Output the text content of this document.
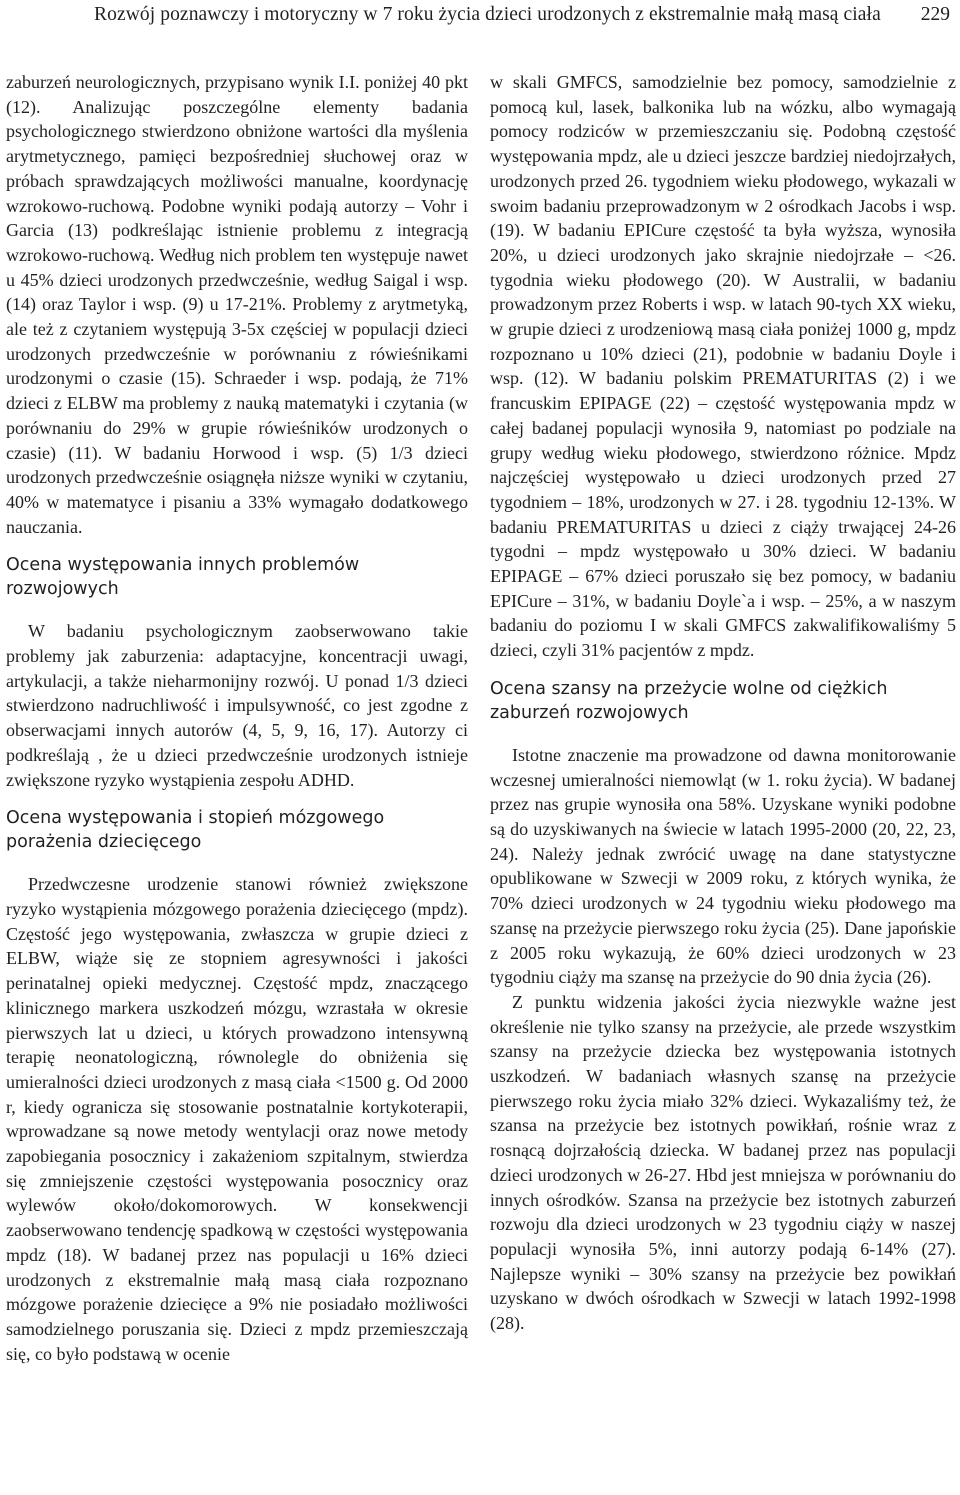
Rozwój poznawczy i motoryczny w 7 roku życia dzieci urodzonych z ekstremalnie małą masą ciała 229

zaburzeń neurologicznych, przypisano wynik I.I. poniżej 40 pkt (12). Analizując poszczególne elementy badania psychologicznego stwierdzono obniżone wartości dla myślenia arytmetycznego, pamięci bezpośredniej słuchowej oraz w próbach sprawdzających możliwości manualne, koordynację wzrokowo-ruchową. Podobne wyniki podają autorzy – Vohr i Garcia (13) podkreślając istnienie problemu z integracją wzrokowo-ruchową. Według nich problem ten występuje nawet u 45% dzieci urodzonych przedwcześnie, według Saigal i wsp. (14) oraz Taylor i wsp. (9) u 17-21%. Problemy z arytmetyką, ale też z czytaniem występują 3-5x częściej w populacji dzieci urodzonych przedwcześnie w porównaniu z rówieśnikami urodzonymi o czasie (15). Schraeder i wsp. podają, że 71% dzieci z ELBW ma problemy z nauką matematyki i czytania (w porównaniu do 29% w grupie rówieśników urodzonych o czasie) (11). W badaniu Horwood i wsp. (5) 1/3 dzieci urodzonych przedwcześnie osiągnęła niższe wyniki w czytaniu, 40% w matematyce i pisaniu a 33% wymagało dodatkowego nauczania.

Ocena występowania innych problemów rozwojowych

W badaniu psychologicznym zaobserwowano takie problemy jak zaburzenia: adaptacyjne, koncentracji uwagi, artykulacji, a także nieharmonijny rozwój. U ponad 1/3 dzieci stwierdzono nadruchliwość i impulsywność, co jest zgodne z obserwacjami innych autorów (4, 5, 9, 16, 17). Autorzy ci podkreślają , że u dzieci przedwcześnie urodzonych istnieje zwiększone ryzyko wystąpienia zespołu ADHD.

Ocena występowania i stopień mózgowego porażenia dziecięcego

Przedwczesne urodzenie stanowi również zwiększone ryzyko wystąpienia mózgowego porażenia dziecięcego (mpdz). Częstość jego występowania, zwłaszcza w grupie dzieci z ELBW, wiąże się ze stopniem agresywności i jakości perinatalnej opieki medycznej. Częstość mpdz, znaczącego klinicznego markera uszkodzeń mózgu, wzrastała w okresie pierwszych lat u dzieci, u których prowadzono intensywną terapię neonatologiczną, równolegle do obniżenia się umieralności dzieci urodzonych z masą ciała <1500 g. Od 2000 r, kiedy ogranicza się stosowanie postnatalnie kortykoterapii, wprowadzane są nowe metody wentylacji oraz nowe metody zapobiegania posocznicy i zakażeniom szpitalnym, stwierdza się zmniejszenie częstości występowania posocznicy oraz wylewów około/dokomorowych. W konsekwencji zaobserwowano tendencję spadkową w częstości występowania mpdz (18). W badanej przez nas populacji u 16% dzieci urodzonych z ekstremalnie małą masą ciała rozpoznano mózgowe porażenie dziecięce a 9% nie posiadało możliwości samodzielnego poruszania się. Dzieci z mpdz przemieszczają się, co było podstawą w ocenie

w skali GMFCS, samodzielnie bez pomocy, samodzielnie z pomocą kul, lasek, balkonika lub na wózku, albo wymagają pomocy rodziców w przemieszczaniu się. Podobną częstość występowania mpdz, ale u dzieci jeszcze bardziej niedojrzałych, urodzonych przed 26. tygodniem wieku płodowego, wykazali w swoim badaniu przeprowadzonym w 2 ośrodkach Jacobs i wsp. (19). W badaniu EPICure częstość ta była wyższa, wynosiła 20%, u dzieci urodzonych jako skrajnie niedojrzałe – <26. tygodnia wieku płodowego (20). W Australii, w badaniu prowadzonym przez Roberts i wsp. w latach 90-tych XX wieku, w grupie dzieci z urodzeniową masą ciała poniżej 1000 g, mpdz rozpoznano u 10% dzieci (21), podobnie w badaniu Doyle i wsp. (12). W badaniu polskim PREMATURITAS (2) i we francuskim EPIPAGE (22) – częstość występowania mpdz w całej badanej populacji wynosiła 9, natomiast po podziale na grupy według wieku płodowego, stwierdzono różnice. Mpdz najczęściej występowało u dzieci urodzonych przed 27 tygodniem – 18%, urodzonych w 27. i 28. tygodniu 12-13%. W badaniu PREMATURITAS u dzieci z ciąży trwającej 24-26 tygodni – mpdz występowało u 30% dzieci. W badaniu EPIPAGE – 67% dzieci poruszało się bez pomocy, w badaniu EPICure – 31%, w badaniu Doyle`a i wsp. – 25%, a w naszym badaniu do poziomu I w skali GMFCS zakwalifikowaliśmy 5 dzieci, czyli 31% pacjentów z mpdz.

Ocena szansy na przeżycie wolne od ciężkich zaburzeń rozwojowych

Istotne znaczenie ma prowadzone od dawna monitorowanie wczesnej umieralności niemowląt (w 1. roku życia). W badanej przez nas grupie wynosiła ona 58%. Uzyskane wyniki podobne są do uzyskiwanych na świecie w latach 1995-2000 (20, 22, 23, 24). Należy jednak zwrócić uwagę na dane statystyczne opublikowane w Szwecji w 2009 roku, z których wynika, że 70% dzieci urodzonych w 24 tygodniu wieku płodowego ma szansę na przeżycie pierwszego roku życia (25). Dane japońskie z 2005 roku wykazują, że 60% dzieci urodzonych w 23 tygodniu ciąży ma szansę na przeżycie do 90 dnia życia (26).

Z punktu widzenia jakości życia niezwykle ważne jest określenie nie tylko szansy na przeżycie, ale przede wszystkim szansy na przeżycie dziecka bez występowania istotnych uszkodzeń. W badaniach własnych szansę na przeżycie pierwszego roku życia miało 32% dzieci. Wykazaliśmy też, że szansa na przeżycie bez istotnych powikłań, rośnie wraz z rosnącą dojrzałością dziecka. W badanej przez nas populacji dzieci urodzonych w 26-27. Hbd jest mniejsza w porównaniu do innych ośrodków. Szansa na przeżycie bez istotnych zaburzeń rozwoju dla dzieci urodzonych w 23 tygodniu ciąży w naszej populacji wynosiła 5%, inni autorzy podają 6-14% (27). Najlepsze wyniki – 30% szansy na przeżycie bez powikłań uzyskano w dwóch ośrodkach w Szwecji w latach 1992-1998 (28).
